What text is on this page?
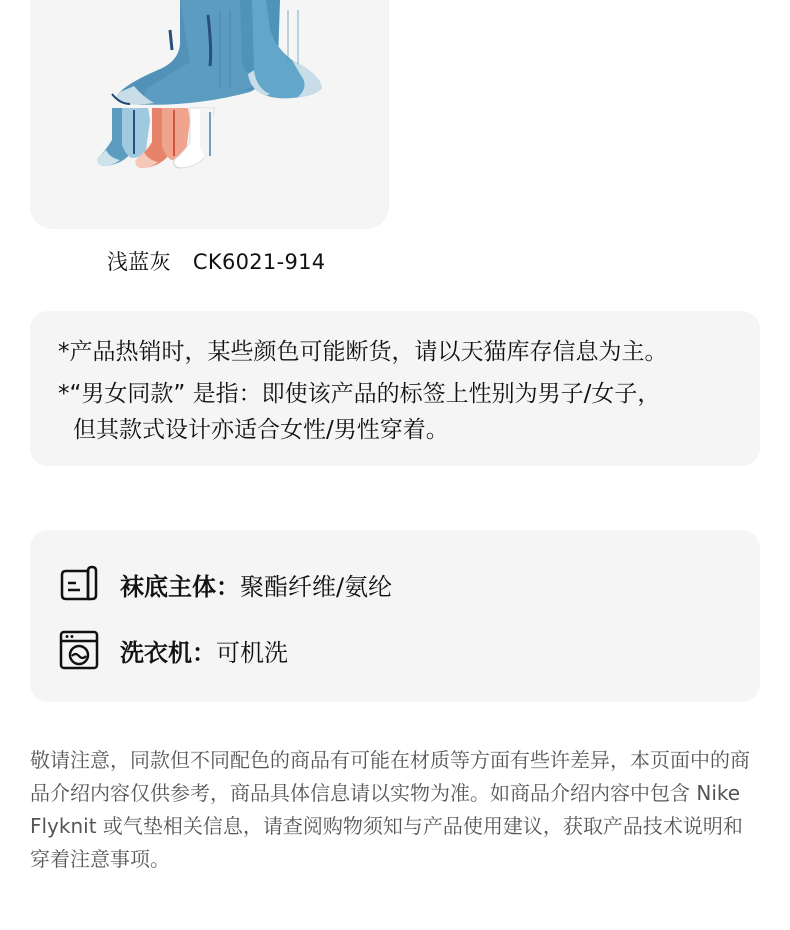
浅蓝灰 CK6021-914
*产品热销时，某些颜色可能断货，请以天猫库存信息为主。
*“男女同款” 是指：即使该产品的标签上性别为男子/女子，
但其款式设计亦适合女性/男性穿着。
袜底主体： 聚酯纤维/氨纶
洗衣机： 可机洗
敬请注意，同款但不同配色的商品有可能在材质等方面有些许差异，本页面中的商品介绍内容仅供参考，商品具体信息请以实物为准。如商品介绍内容中包含 Nike Flyknit 或气垫相关信息，请查阅购物须知与产品使用建议，获取产品技术说明和穿着注意事项。
